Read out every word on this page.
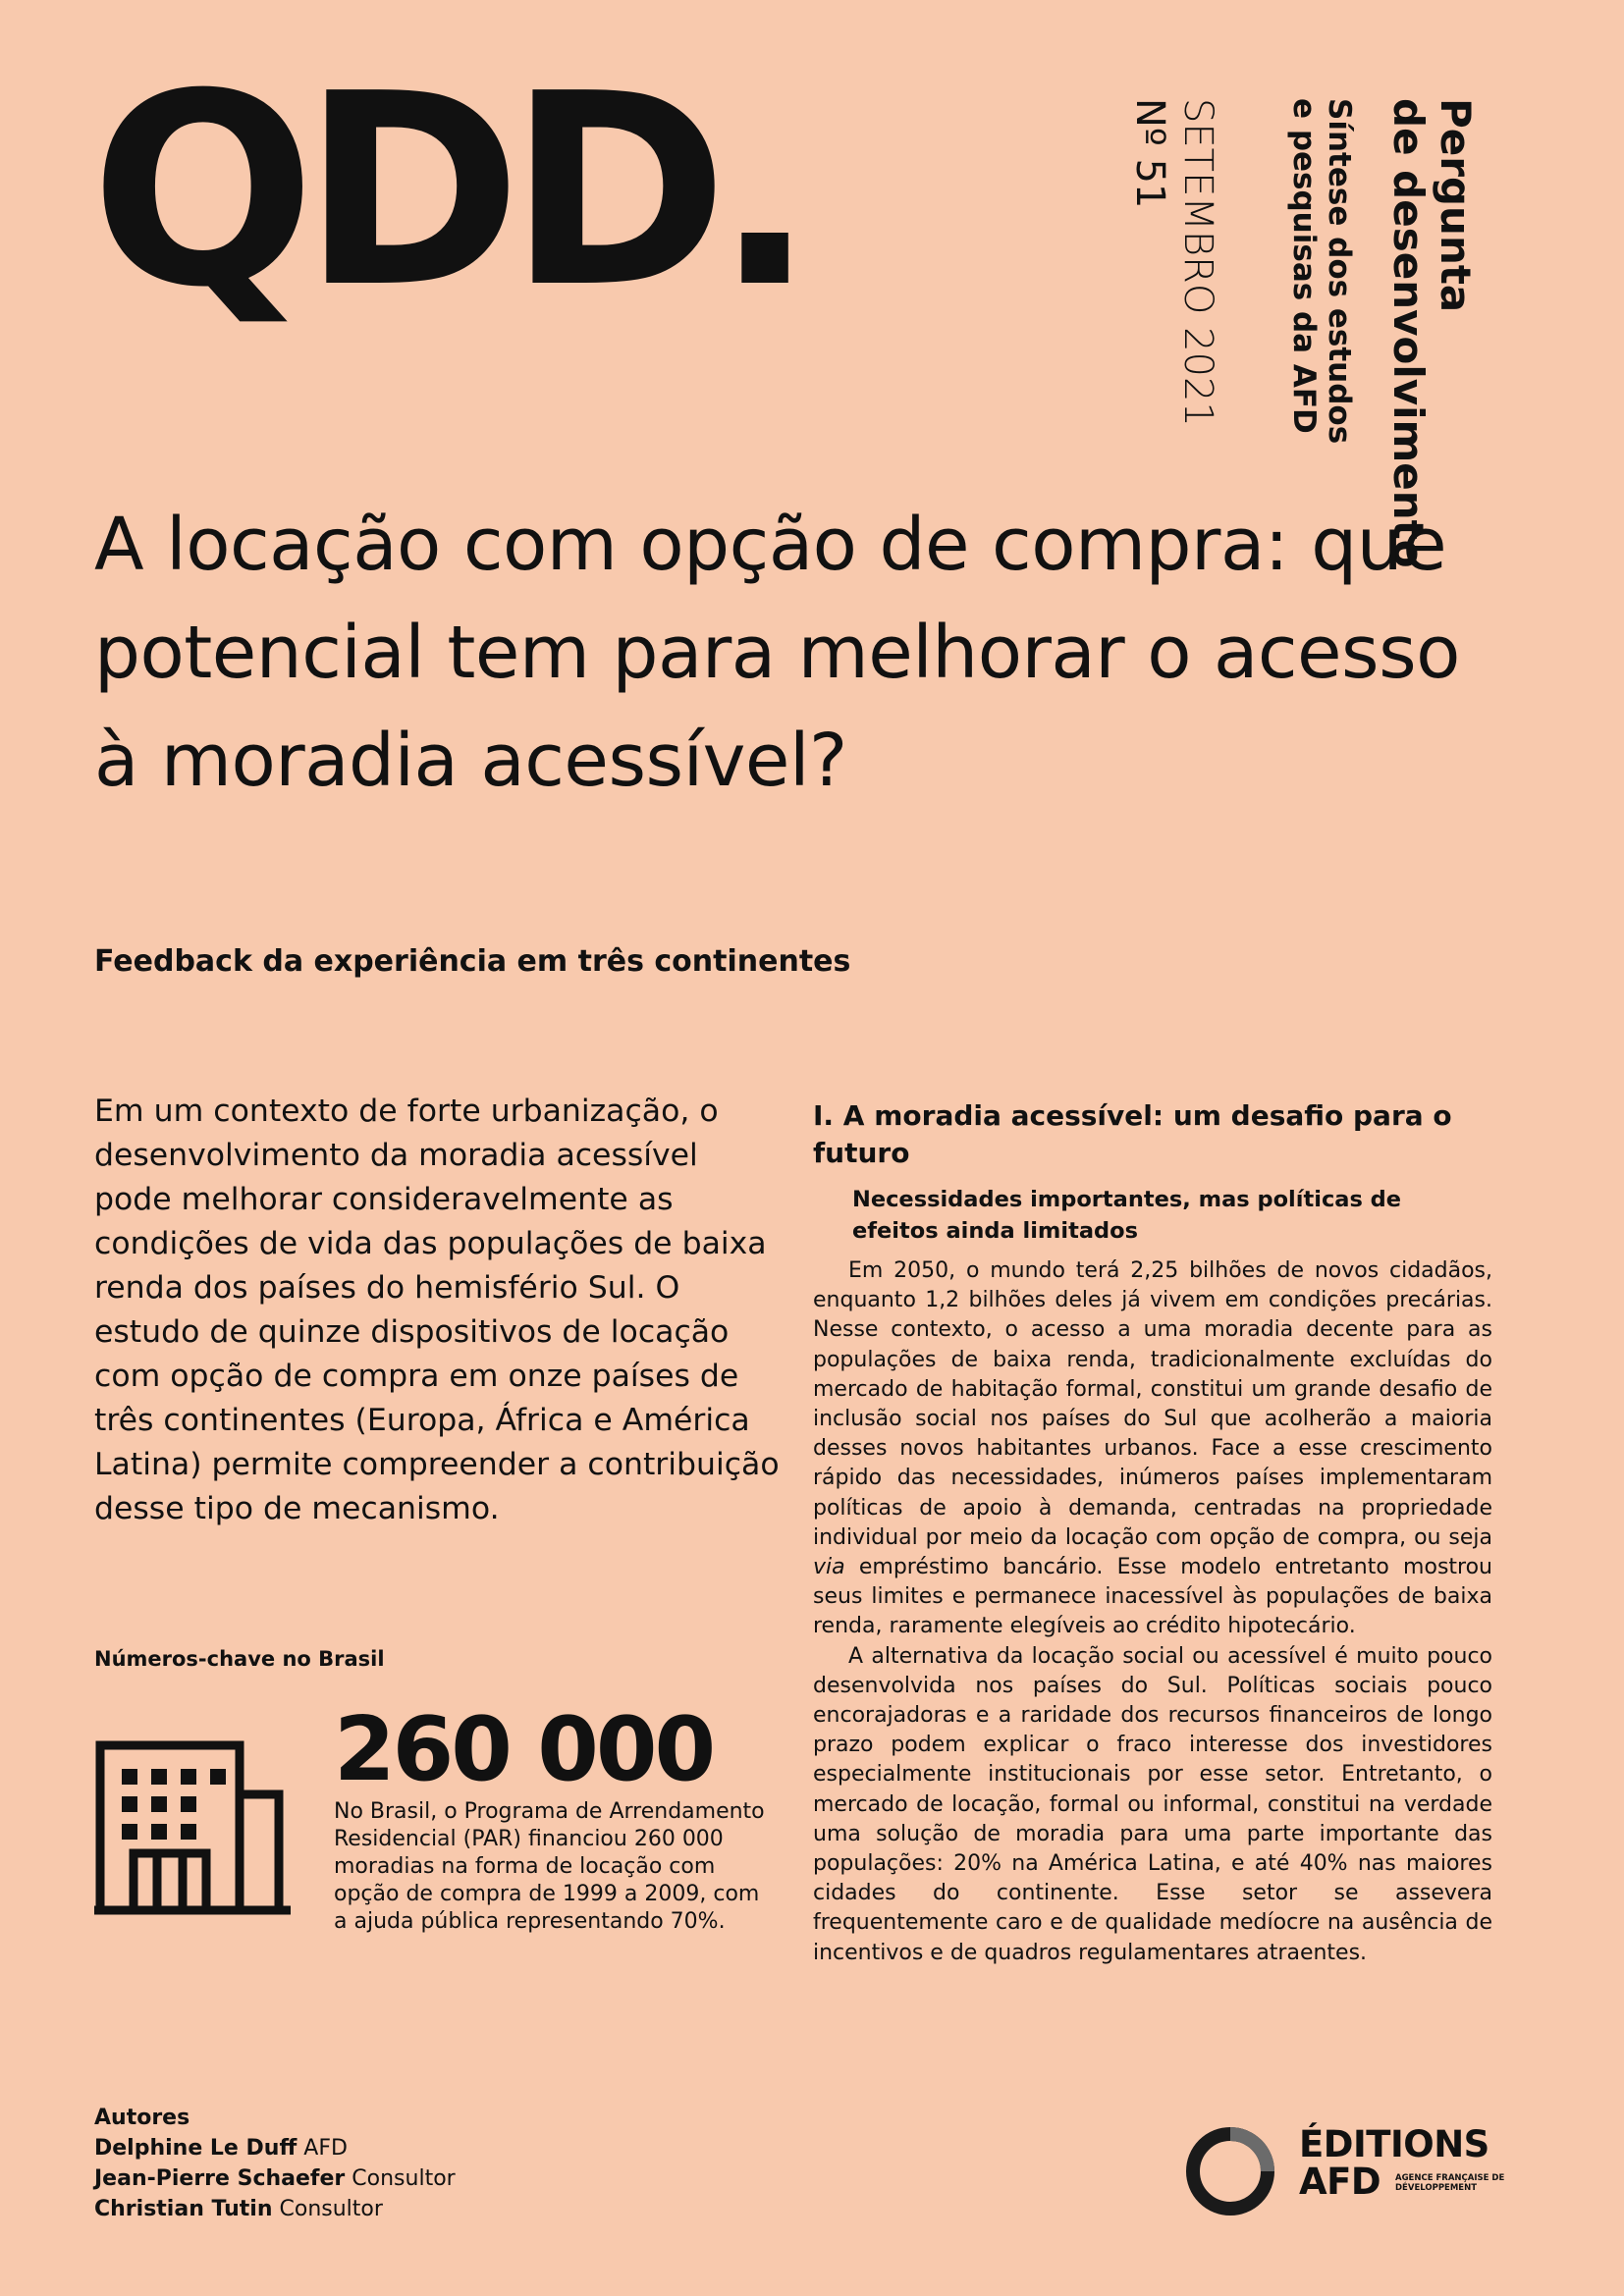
QDD.	Pergunta
de desenvolvimento
Síntese dos estudos
e pesquisas da AFD
SETEMBRO 2021
Nº 51
A locação com opção de compra: que potencial tem para melhorar o acesso à moradia acessível?
Feedback da experiência em três continentes

Em um contexto de forte urbanização, o desenvolvimento da moradia acessível pode melhorar consideravelmente as condições de vida das populações de baixa renda dos países do hemisfério Sul. O estudo de quinze dispositivos de locação com opção de compra em onze países de três continentes (Europa, África e América Latina) permite compreender a contribuição desse tipo de mecanismo.

Números-chave no Brasil
260 000

No Brasil, o Programa de Arrendamento Residencial (PAR) financiou 260 000 moradias na forma de locação com opção de compra de 1999 a 2009, com a ajuda pública representando 70%.

I. A moradia acessível: um desafio para o futuro
Necessidades importantes, mas políticas de efeitos ainda limitados

Em 2050, o mundo terá 2,25 bilhões de novos cidadãos, enquanto 1,2 bilhões deles já vivem em condições precárias. Nesse contexto, o acesso a uma moradia decente para as populações de baixa renda, tradicionalmente excluídas do mercado de habitação formal, constitui um grande desafio de inclusão social nos países do Sul que acolherão a maioria desses novos habitantes urbanos. Face a esse crescimento rápido das necessidades, inúmeros países implementaram políticas de apoio à demanda, centradas na propriedade individual por meio da locação com opção de compra, ou seja via empréstimo bancário. Esse modelo entretanto mostrou seus limites e permanece inacessível às populações de baixa renda, raramente elegíveis ao crédito hipotecário.

A alternativa da locação social ou acessível é muito pouco desenvolvida nos países do Sul. Políticas sociais pouco encorajadoras e a raridade dos recursos financeiros de longo prazo podem explicar o fraco interesse dos investidores especialmente institucionais por esse setor. Entretanto, o mercado de locação, formal ou informal, constitui na verdade uma solução de moradia para uma parte importante das populações: 20% na América Latina, e até 40% nas maiores cidades do continente. Esse setor se assevera frequentemente caro e de qualidade medíocre na ausência de incentivos e de quadros regulamentares atraentes.

Autores
Delphine Le Duff AFD
Jean-Pierre Schaefer Consultor
Christian Tutin Consultor
ÉDITIONS
AFD	AGENCE FRANÇAISE DE DÉVELOPPEMENT
